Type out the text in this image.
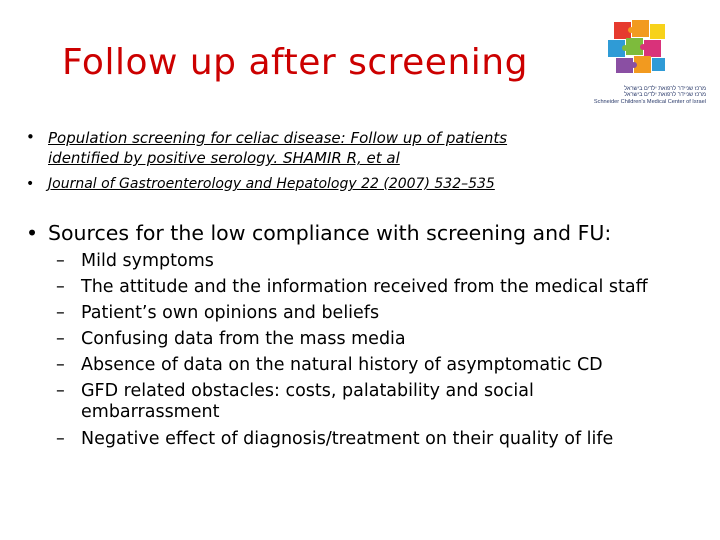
Follow up after screening
מרכז שניידר לרפואת ילדים בישראל
מרכז שניידר לרפואת ילדים בישראל
Schneider Children's Medical Center of Israel
• Population screening for celiac disease: Follow up of patients
identified by positive serology. SHAMIR R, et al
• Journal of Gastroenterology and Hepatology 22 (2007) 532–535
• Sources for the low compliance with screening and FU:
– Mild symptoms
– The attitude and the information received from the medical staff
– Patient’s own opinions and beliefs
– Confusing data from the mass media
– Absence of data on the natural history of asymptomatic CD
– GFD related obstacles: costs, palatability and social
embarrassment
– Negative effect of diagnosis/treatment on their quality of life
